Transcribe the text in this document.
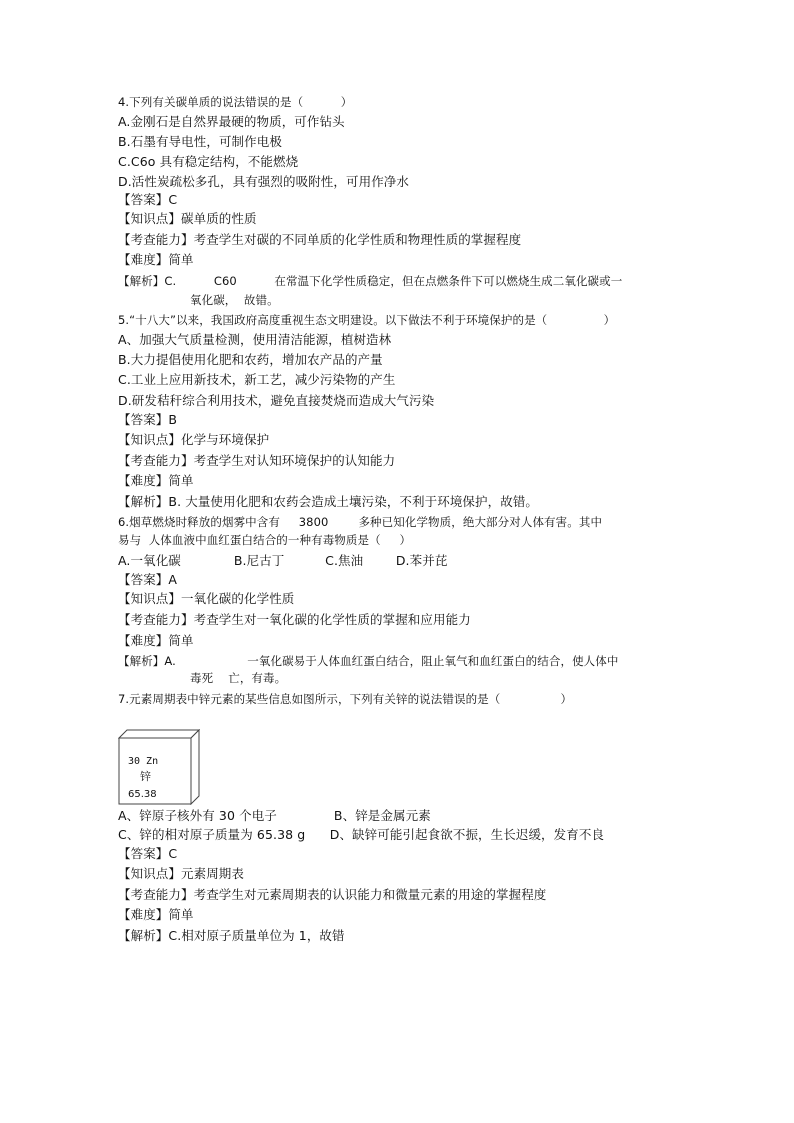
4.下列有关碳单质的说法错误的是（          ）
A.金刚石是自然界最硬的物质，可作钻头
B.石墨有导电性，可制作电极
C.C6o 具有稳定结构，不能燃烧
D.活性炭疏松多孔，具有强烈的吸附性，可用作净水
【答案】C
【知识点】碳单质的性质
【考查能力】考查学生对碳的不同单质的化学性质和物理性质的掌握程度
【难度】简单
【解析】C.          C60          在常温下化学性质稳定，但在点燃条件下可以燃烧生成二氧化碳或一
氧化碳，  故错。
5.“十八大”以来，我国政府高度重视生态文明建设。以下做法不利于环境保护的是（               ）
A、加强大气质量检测，使用清洁能源，植树造林
B.大力提倡使用化肥和农药，增加农产品的产量
C.工业上应用新技术，新工艺，减少污染物的产生
D.研发秸秆综合利用技术，避免直接焚烧而造成大气污染
【答案】B
【知识点】化学与环境保护
【考查能力】考查学生对认知环境保护的认知能力
【难度】简单
【解析】B. 大量使用化肥和农药会造成土壤污染，不利于环境保护，故错。
6.烟草燃烧时释放的烟雾中含有     3800        多种已知化学物质，绝大部分对人体有害。其中
易与  人体血液中血红蛋白结合的一种有毒物质是（     ）
A.一氧化碳             B.尼古丁          C.焦油        D.苯并芘
【答案】A
【知识点】一氧化碳的化学性质
【考查能力】考查学生对一氧化碳的化学性质的掌握和应用能力
【难度】简单
【解析】A.                   一氧化碳易于人体血红蛋白结合，阻止氧气和血红蛋白的结合，使人体中
毒死    亡，有毒。
7.元素周期表中锌元素的某些信息如图所示，下列有关锌的说法错误的是（                ）
30 Zn
锌
65.38
A、锌原子核外有 30 个电子              B、锌是金属元素
C、锌的相对原子质量为 65.38 g      D、缺锌可能引起食欲不振，生长迟缓，发育不良
【答案】C
【知识点】元素周期表
【考查能力】考查学生对元素周期表的认识能力和微量元素的用途的掌握程度
【难度】简单
【解析】C.相对原子质量单位为 1，故错
